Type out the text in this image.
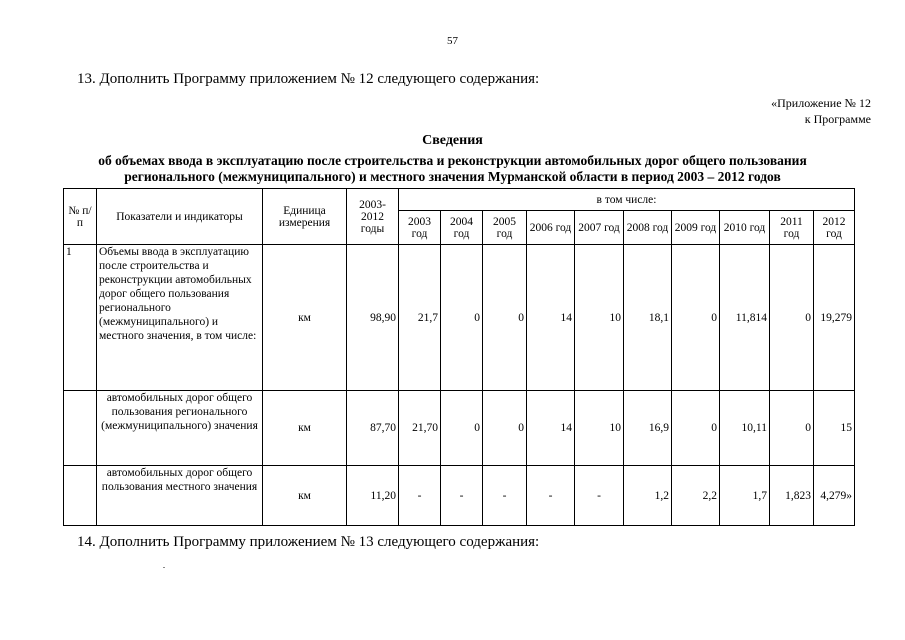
57
13. Дополнить Программу приложением № 12 следующего содержания:
«Приложение № 12
к Программе
Сведения
об объемах ввода в эксплуатацию после строительства и реконструкции автомобильных дорог общего пользования
регионального (межмуниципального) и местного значения Мурманской области в период 2003 – 2012 годов
№ п/п	Показатели и индикаторы	Единица измерения	2003-2012 годы	в том числе:									
				2003 год	2004 год	2005 год	2006 год	2007 год	2008 год	2009 год	2010 год	2011 год	2012 год
1	Объемы ввода в эксплуатацию после строительства и реконструкции автомобильных дорог общего пользования регионального (межмуниципального) и местного значения, в том числе:	км	98,90	21,7	0	0	14	10	18,1	0	11,814	0	19,279
	автомобильных дорог общего пользования регионального (межмуниципального) значения	км	87,70	21,70	0	0	14	10	16,9	0	10,11	0	15
	автомобильных дорог общего пользования местного значения	км	11,20	-	-	-	-	-	1,2	2,2	1,7	1,823	4,279»
14. Дополнить Программу приложением № 13 следующего содержания:
